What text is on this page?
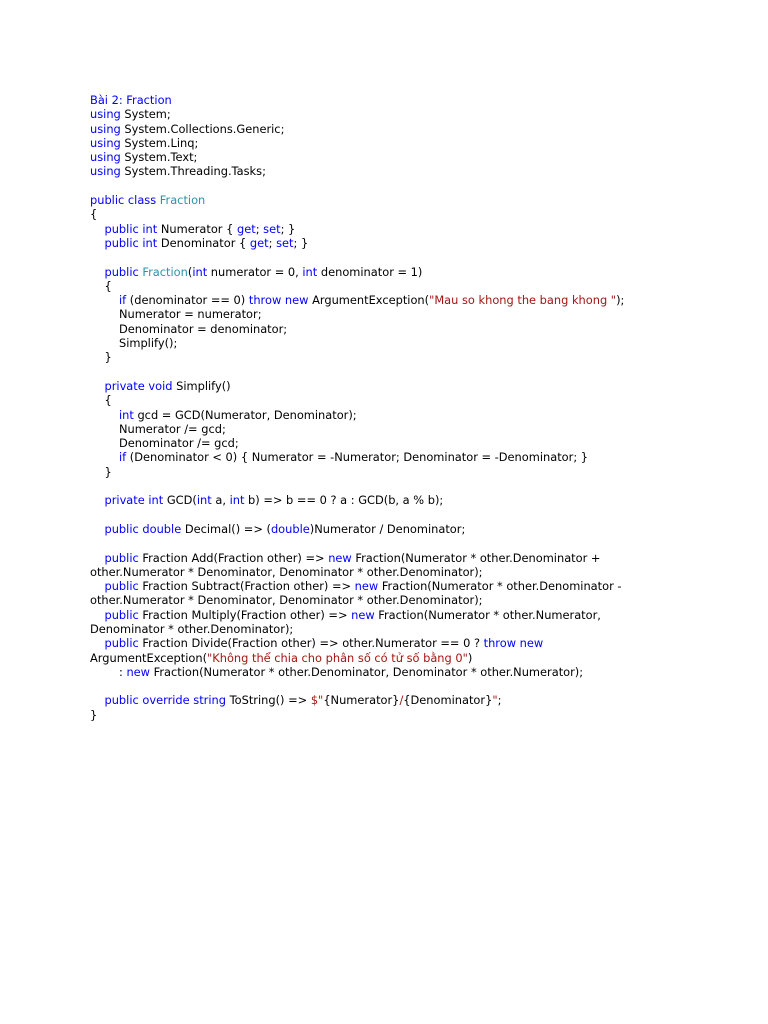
Bài 2: Fraction
using System;
using System.Collections.Generic;
using System.Linq;
using System.Text;
using System.Threading.Tasks;
public class Fraction
{
public int Numerator { get; set; }
public int Denominator { get; set; }
public Fraction(int numerator = 0, int denominator = 1)
{
if (denominator == 0) throw new ArgumentException("Mau so khong the bang khong ");
Numerator = numerator;
Denominator = denominator;
Simplify();
}
private void Simplify()
{
int gcd = GCD(Numerator, Denominator);
Numerator /= gcd;
Denominator /= gcd;
if (Denominator < 0) { Numerator = -Numerator; Denominator = -Denominator; }
}
private int GCD(int a, int b) => b == 0 ? a : GCD(b, a % b);
public double Decimal() => (double)Numerator / Denominator;
public Fraction Add(Fraction other) => new Fraction(Numerator * other.Denominator +
other.Numerator * Denominator, Denominator * other.Denominator);
public Fraction Subtract(Fraction other) => new Fraction(Numerator * other.Denominator -
other.Numerator * Denominator, Denominator * other.Denominator);
public Fraction Multiply(Fraction other) => new Fraction(Numerator * other.Numerator,
Denominator * other.Denominator);
public Fraction Divide(Fraction other) => other.Numerator == 0 ? throw new
ArgumentException("Không thể chia cho phân số có tử số bằng 0")
: new Fraction(Numerator * other.Denominator, Denominator * other.Numerator);
public override string ToString() => $"{Numerator}/{Denominator}";
}
